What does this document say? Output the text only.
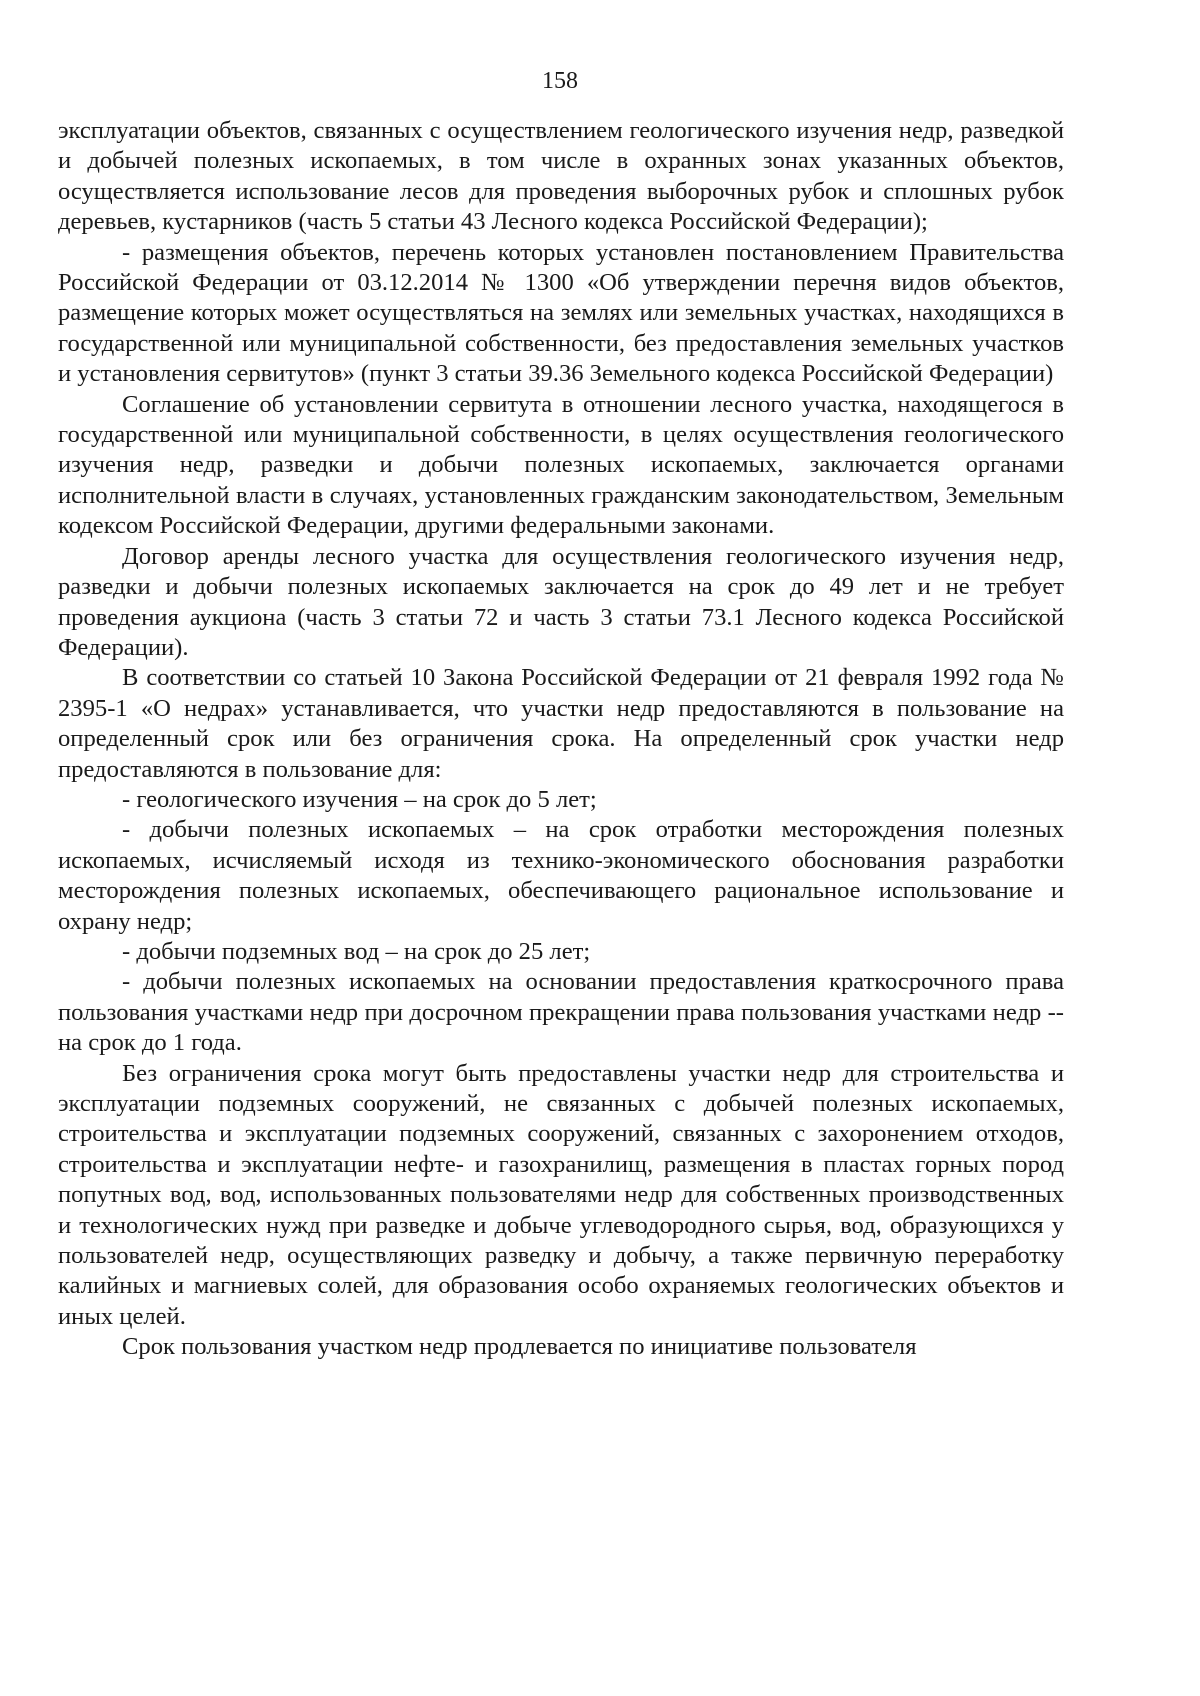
158

эксплуатации объектов, связанных с осуществлением геологического изучения недр, разведкой и добычей полезных ископаемых, в том числе в охранных зонах указанных объектов, осуществляется использование лесов для проведения выборочных рубок и сплошных рубок деревьев, кустарников (часть 5 статьи 43 Лесного кодекса Российской Федерации);

- размещения объектов, перечень которых установлен постановлением Правительства Российской Федерации от 03.12.2014 № 1300 «Об утверждении перечня видов объектов, размещение которых может осуществляться на землях или земельных участках, находящихся в государственной или муниципальной собственности, без предоставления земельных участков и установления сервитутов» (пункт 3 статьи 39.36 Земельного кодекса Российской Федерации)

Соглашение об установлении сервитута в отношении лесного участка, находящегося в государственной или муниципальной собственности, в целях осуществления геологического изучения недр, разведки и добычи полезных ископаемых, заключается органами исполнительной власти в случаях, установленных гражданским законодательством, Земельным кодексом Российской Федерации, другими федеральными законами.

Договор аренды лесного участка для осуществления геологического изучения недр, разведки и добычи полезных ископаемых заключается на срок до 49 лет и не требует проведения аукциона (часть 3 статьи 72 и часть 3 статьи 73.1 Лесного кодекса Российской Федерации).

В соответствии со статьей 10 Закона Российской Федерации от 21 февраля 1992 года № 2395-1 «О недрах» устанавливается, что участки недр предоставляются в пользование на определенный срок или без ограничения срока. На определенный срок участки недр предоставляются в пользование для:

- геологического изучения – на срок до 5 лет;

- добычи полезных ископаемых – на срок отработки месторождения полезных ископаемых, исчисляемый исходя из технико-экономического обоснования разработки месторождения полезных ископаемых, обеспечивающего рациональное использование и охрану недр;

- добычи подземных вод – на срок до 25 лет;

- добычи полезных ископаемых на основании предоставления краткосрочного права пользования участками недр при досрочном прекращении права пользования участками недр -- на срок до 1 года.

Без ограничения срока могут быть предоставлены участки недр для строительства и эксплуатации подземных сооружений, не связанных с добычей полезных ископаемых, строительства и эксплуатации подземных сооружений, связанных с захоронением отходов, строительства и эксплуатации нефте- и газохранилищ, размещения в пластах горных пород попутных вод, вод, использованных пользователями недр для собственных производственных и технологических нужд при разведке и добыче углеводородного сырья, вод, образующихся у пользователей недр, осуществляющих разведку и добычу, а также первичную переработку калийных и магниевых солей, для образования особо охраняемых геологических объектов и иных целей.

Срок пользования участком недр продлевается по инициативе пользователя
